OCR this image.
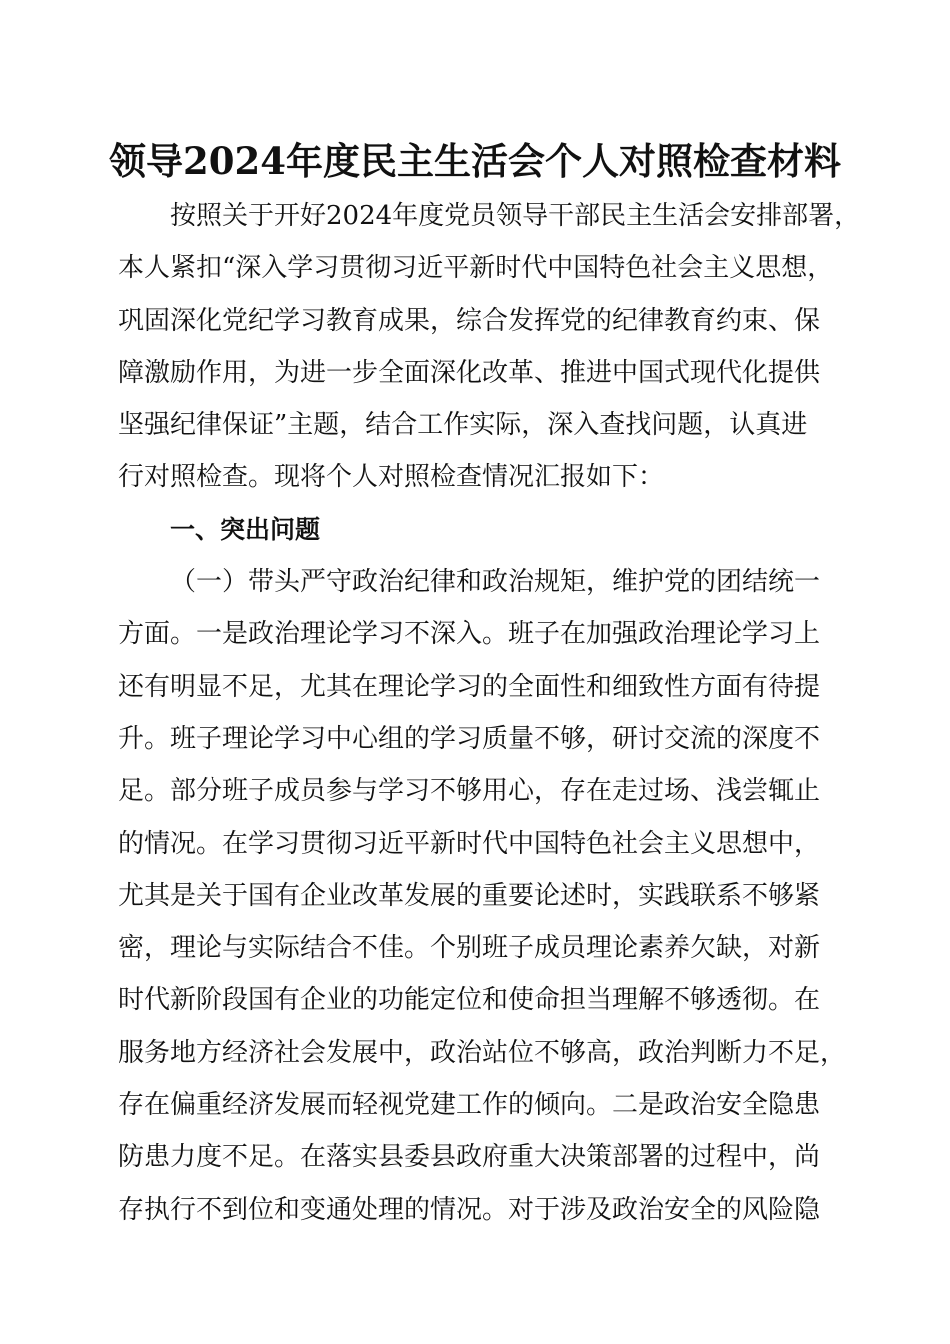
领导2024年度民主生活会个人对照检查材料
按照关于开好2024年度党员领导干部民主生活会安排部署，
本人紧扣“深入学习贯彻习近平新时代中国特色社会主义思想，
巩固深化党纪学习教育成果，综合发挥党的纪律教育约束、保
障激励作用，为进一步全面深化改革、推进中国式现代化提供
坚强纪律保证”主题，结合工作实际，深入查找问题，认真进
行对照检查。现将个人对照检查情况汇报如下：
一、突出问题
（一）带头严守政治纪律和政治规矩，维护党的团结统一
方面。一是政治理论学习不深入。班子在加强政治理论学习上
还有明显不足，尤其在理论学习的全面性和细致性方面有待提
升。班子理论学习中心组的学习质量不够，研讨交流的深度不
足。部分班子成员参与学习不够用心，存在走过场、浅尝辄止
的情况。在学习贯彻习近平新时代中国特色社会主义思想中，
尤其是关于国有企业改革发展的重要论述时，实践联系不够紧
密，理论与实际结合不佳。个别班子成员理论素养欠缺，对新
时代新阶段国有企业的功能定位和使命担当理解不够透彻。在
服务地方经济社会发展中，政治站位不够高，政治判断力不足，
存在偏重经济发展而轻视党建工作的倾向。二是政治安全隐患
防患力度不足。在落实县委县政府重大决策部署的过程中，尚
存执行不到位和变通处理的情况。对于涉及政治安全的风险隐
